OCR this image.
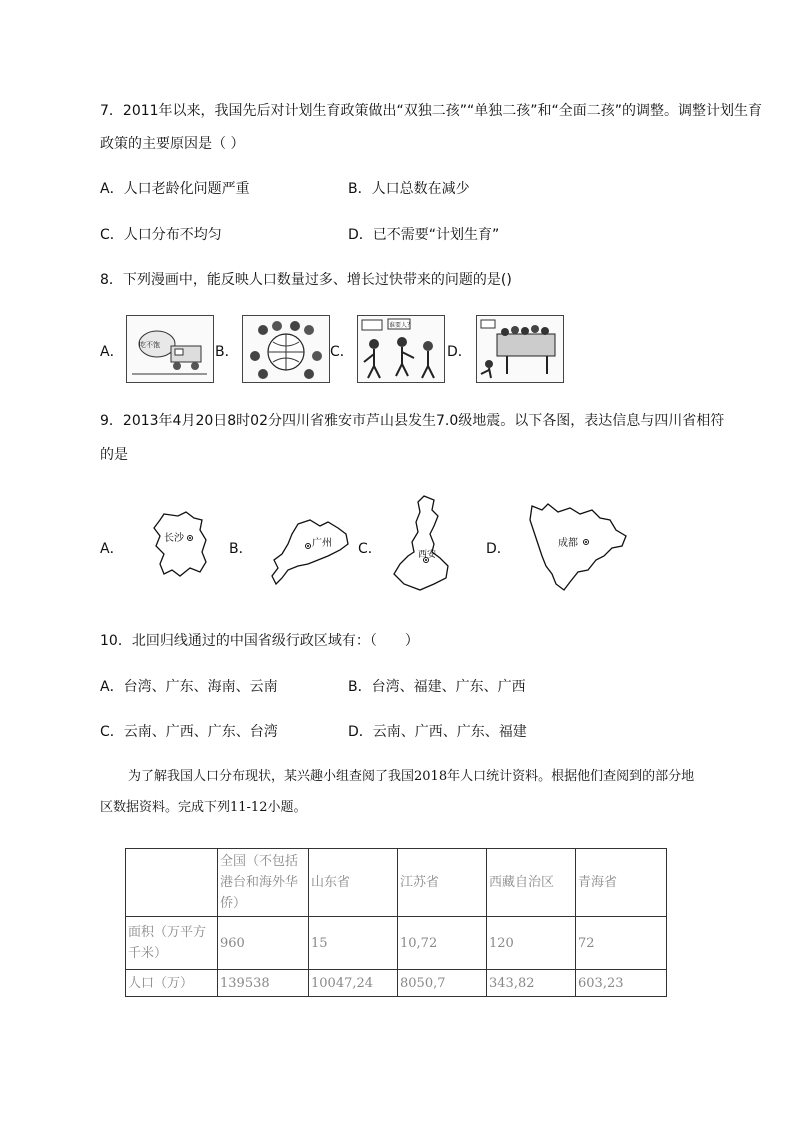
7．2011年以来，我国先后对计划生育政策做出“双独二孩”“单独二孩”和“全面二孩”的调整。调整计划生育
政策的主要原因是（ ）
A．人口老龄化问题严重	B．人口总数在减少
C．人口分布不均匀	D．已不需要“计划生育”
8．下列漫画中，能反映人口数量过多、增长过快带来的问题的是()
A． 吃不饱	B．	C．
谁要人？
D．
9．2013年4月20日8时02分四川省雅安市芦山县发生7.0级地震。以下各图，表达信息与四川省相符
的是
A．
长沙
B．	广州 C．	西安	D．	成都
10．北回归线通过的中国省级行政区域有：（　　）
A．台湾、广东、海南、云南	B．台湾、福建、广东、广西
C．云南、广西、广东、台湾	D．云南、广西、广东、福建
为了解我国人口分布现状，某兴趣小组查阅了我国2018年人口统计资料。根据他们查阅到的部分地
区数据资料。完成下列11-12小题。
	全国（不包括港台和海外华侨）	山东省	江苏省	西藏自治区	青海省
面积（万平方千米）	960	15	10,72	120	72
人口（万）	139538	10047,24	8050,7	343,82	603,23
